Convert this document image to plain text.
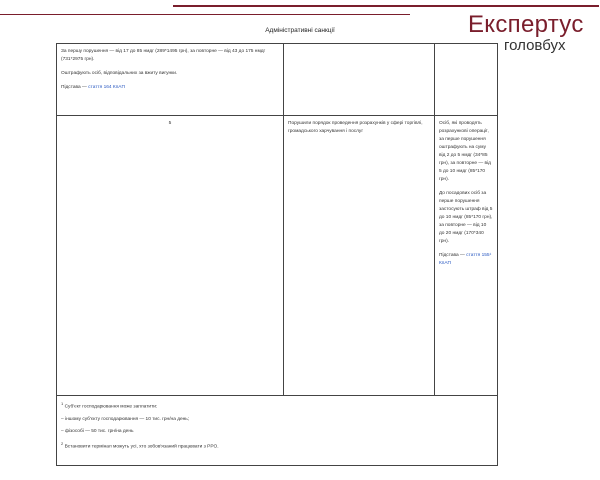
Експертус
головбух
Адміністративні санкції

За першу порушення — від 17 до 85 нмдг (289*1495 грн), за повторне — від 43 до 175 нмдг (731*2975 грн).

Оштрафують осіб, відповідальних за вжиту вигунки.

Підстава — стаття 164 КпАП		

5	Порушили порядок проведення розрахунків у сфері торгівлі, громадського харчування і послуг	Осіб, які проводять розрахункові операції, за перше порушення оштрафують на суму від 2 до 5 нмдг (34*85 грн), за повторне — від 5 до 10 нмдг (85*170 грн).

До посадових осіб за перше порушення застосують штраф від 5 до 10 нмдг (85*170 грн), за повторне — від 10 до 20 нмдг (170*340 грн).

Підстава — стаття 155¹ КпАП

$^1$ Суб'єкт господарювання може заплатити:

– іншому суб'єкту господарювання — 10 тис. грн/на день;

– фізособі — 50 тис. грн/на день

$^2$ Встановити термінал можуть усі, хто зобов'язаний працювати з РРО.		
